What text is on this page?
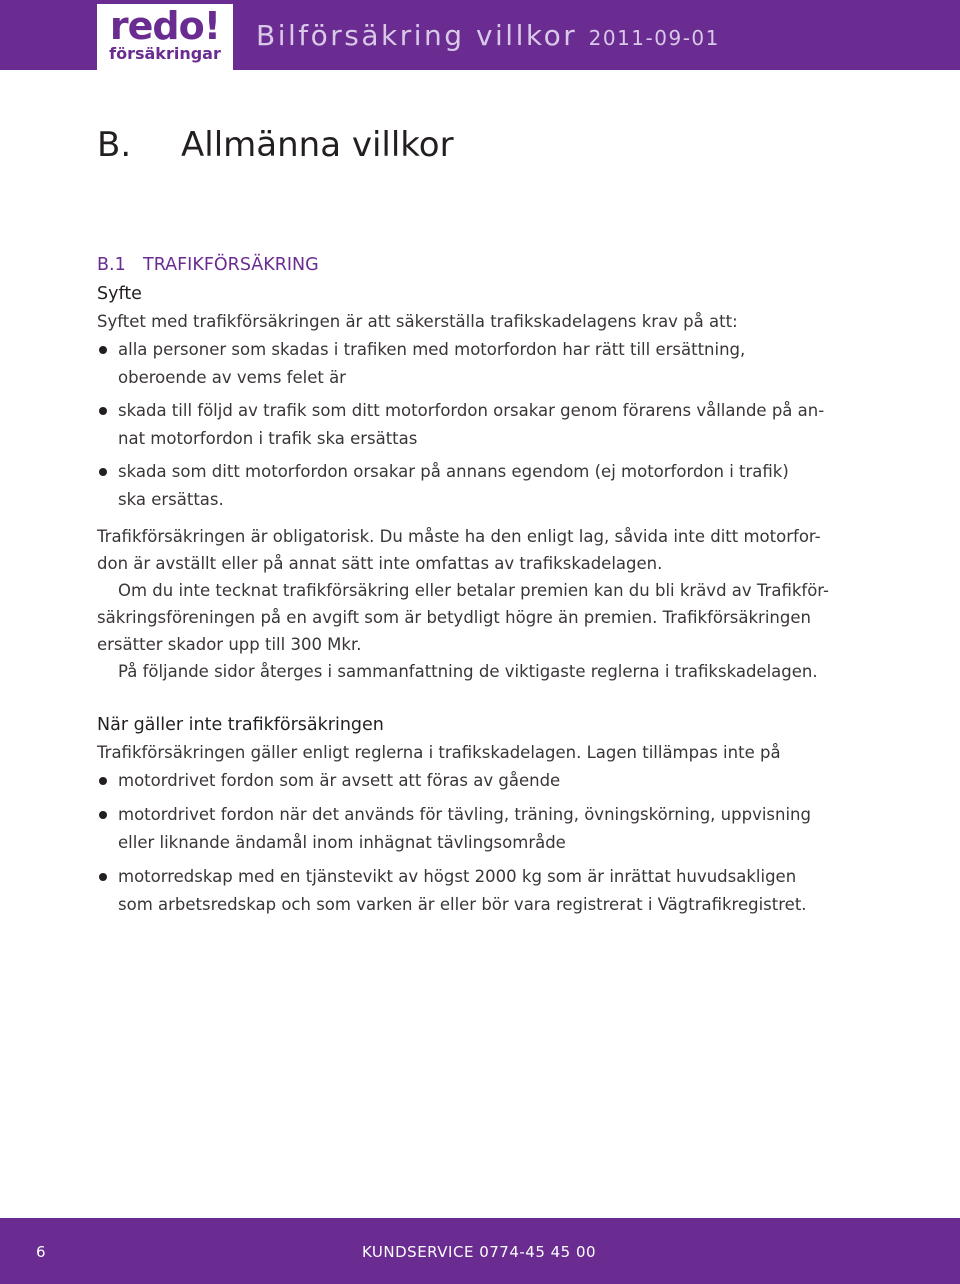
redo!
försäkringar
Bilförsäkring villkor 2011-09-01
B. Allmänna villkor
B.1 TRAFIKFÖRSÄKRING
Syfte
Syftet med trafikförsäkringen är att säkerställa trafikskadelagens krav på att:
alla personer som skadas i trafiken med motorfordon har rätt till ersättning,
oberoende av vems felet är
skada till följd av trafik som ditt motorfordon orsakar genom förarens vållande på an-
nat motorfordon i trafik ska ersättas
skada som ditt motorfordon orsakar på annans egendom (ej motorfordon i trafik)
ska ersättas.
Trafikförsäkringen är obligatorisk. Du måste ha den enligt lag, såvida inte ditt motorfor-
don är avställt eller på annat sätt inte omfattas av trafikskadelagen.
Om du inte tecknat trafikförsäkring eller betalar premien kan du bli krävd av Trafikför-
säkringsföreningen på en avgift som är betydligt högre än premien. Trafikförsäkringen
ersätter skador upp till 300 Mkr.
På följande sidor återges i sammanfattning de viktigaste reglerna i trafikskadelagen.
När gäller inte trafikförsäkringen
Trafikförsäkringen gäller enligt reglerna i trafikskadelagen. Lagen tillämpas inte på
motordrivet fordon som är avsett att föras av gående
motordrivet fordon när det används för tävling, träning, övningskörning, uppvisning
eller liknande ändamål inom inhägnat tävlingsområde
motorredskap med en tjänstevikt av högst 2000 kg som är inrättat huvudsakligen
som arbetsredskap och som varken är eller bör vara registrerat i Vägtrafikregistret.
6	KUNDSERVICE 0774-45 45 00
